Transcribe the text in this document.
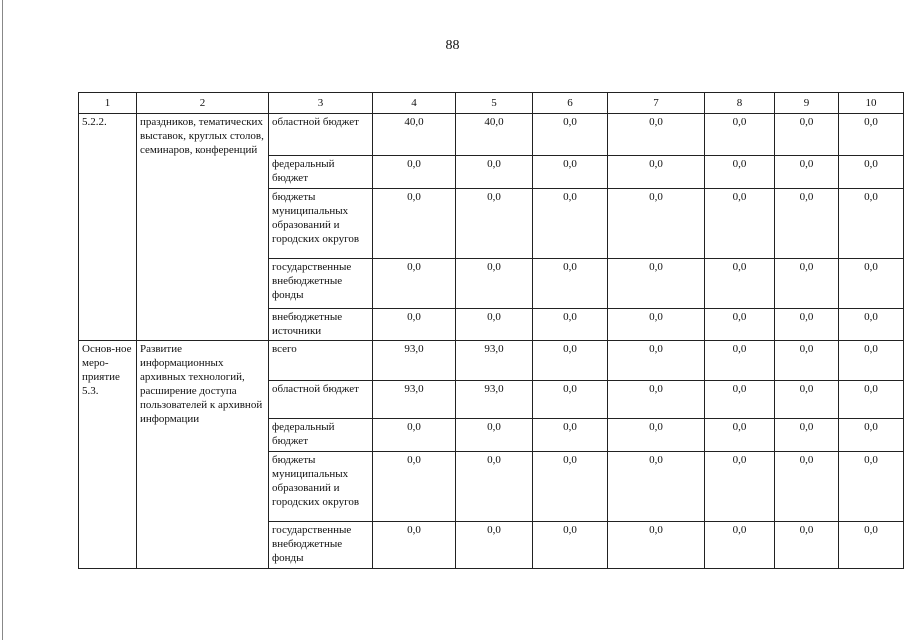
88
1	2	3	4	5	6	7	8	9	10
5.2.2.	праздников, тематических выставок, круглых столов, семинаров, конференций	областной бюджет	40,0	40,0	0,0	0,0	0,0	0,0	0,0
		федеральный бюджет	0,0	0,0	0,0	0,0	0,0	0,0	0,0
		бюджеты муниципальных образований и городских округов	0,0	0,0	0,0	0,0	0,0	0,0	0,0
		государственные внебюджетные фонды	0,0	0,0	0,0	0,0	0,0	0,0	0,0
		внебюджетные источники	0,0	0,0	0,0	0,0	0,0	0,0	0,0
Основ-ное меро-приятие 5.3.	Развитие информационных архивных технологий, расширение доступа пользователей к архивной информации	всего	93,0	93,0	0,0	0,0	0,0	0,0	0,0
		областной бюджет	93,0	93,0	0,0	0,0	0,0	0,0	0,0
		федеральный бюджет	0,0	0,0	0,0	0,0	0,0	0,0	0,0
		бюджеты муниципальных образований и городских округов	0,0	0,0	0,0	0,0	0,0	0,0	0,0
		государственные внебюджетные фонды	0,0	0,0	0,0	0,0	0,0	0,0	0,0
